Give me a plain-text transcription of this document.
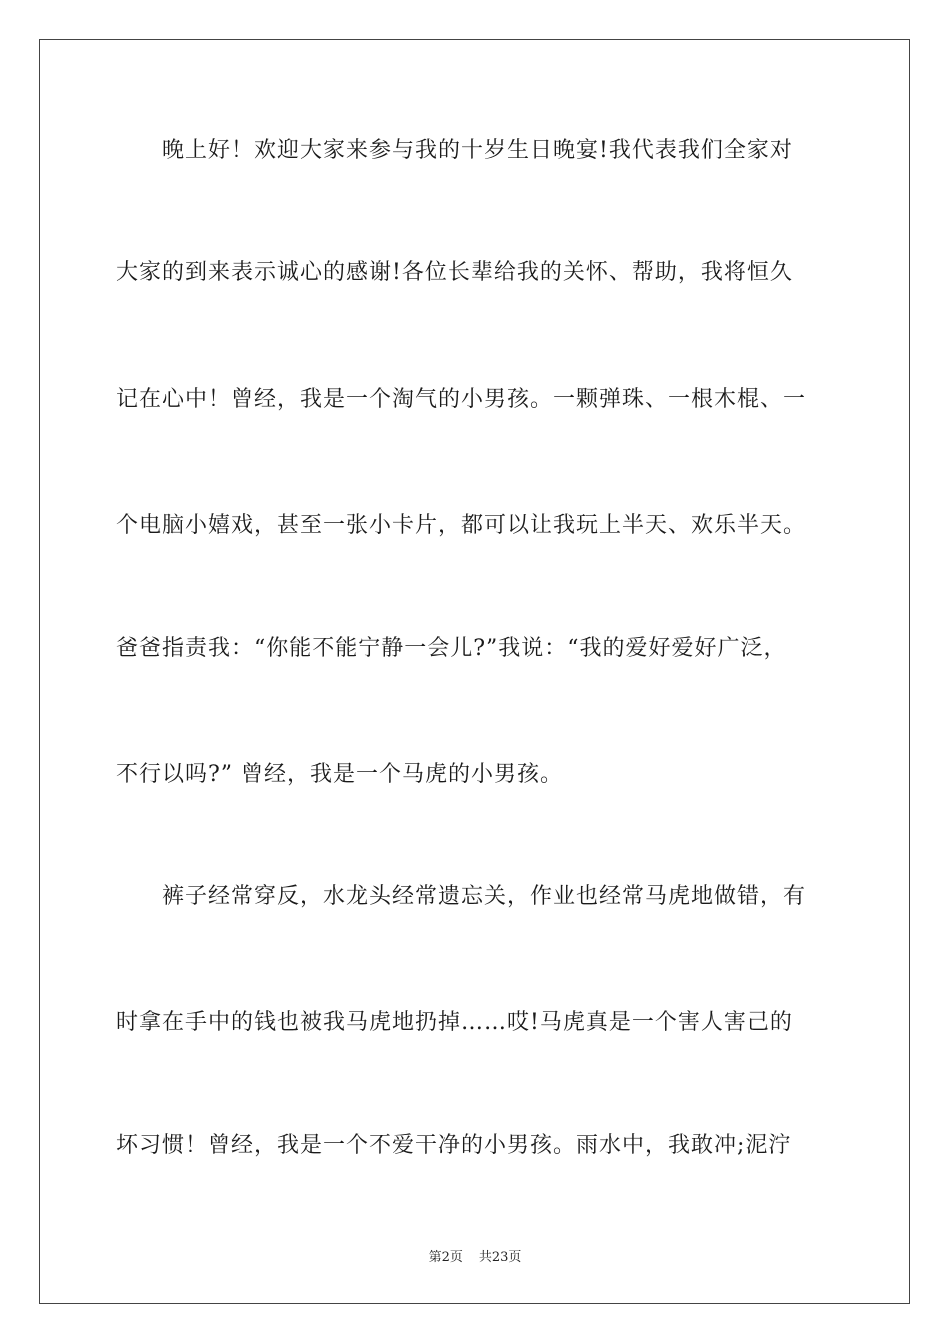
　　晚上好！欢迎大家来参与我的十岁生日晚宴!我代表我们全家对
大家的到来表示诚心的感谢!各位长辈给我的关怀、帮助，我将恒久
记在心中！曾经，我是一个淘气的小男孩。一颗弹珠、一根木棍、一
个电脑小嬉戏，甚至一张小卡片，都可以让我玩上半天、欢乐半天。
爸爸指责我：“你能不能宁静一会儿?”我说：“我的爱好爱好广泛，
不行以吗?” 曾经，我是一个马虎的小男孩。
　　裤子经常穿反，水龙头经常遗忘关，作业也经常马虎地做错，有
时拿在手中的钱也被我马虎地扔掉……哎!马虎真是一个害人害己的
坏习惯！曾经，我是一个不爱干净的小男孩。雨水中，我敢冲;泥泞
第2页 共23页
